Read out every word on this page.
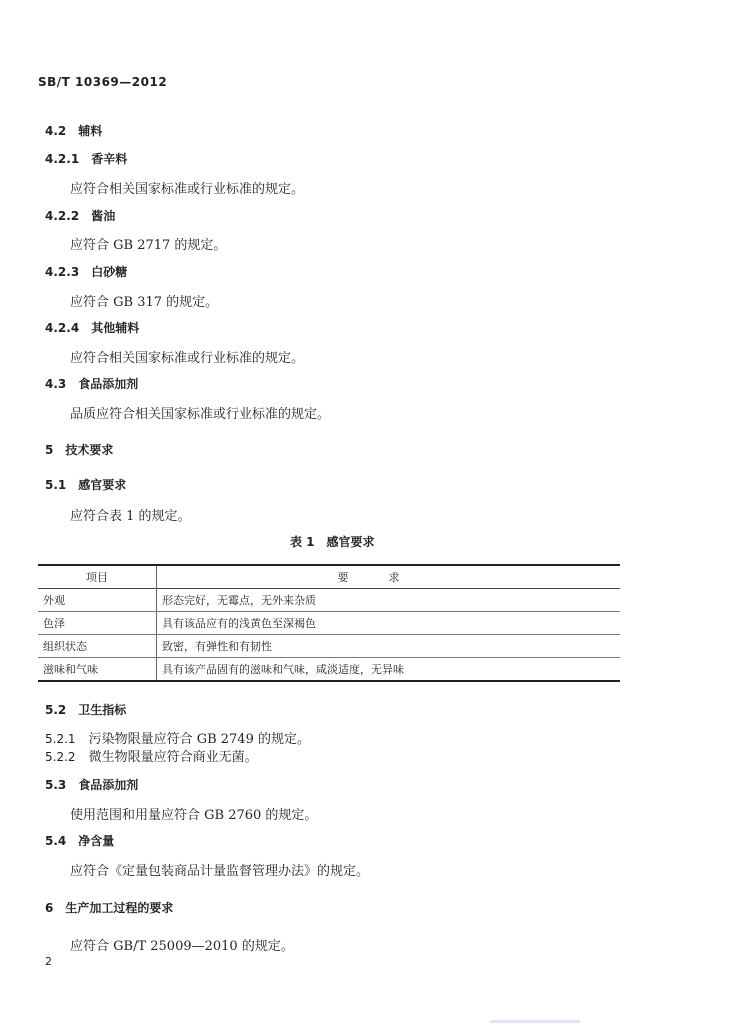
SB/T 10369—2012
4.2　 辅料
4.2.1　 香辛料
应符合相关国家标准或行业标准的规定。
4.2.2　 酱油
应符合 GB 2717 的规定。
4.2.3　 白砂糖
应符合 GB 317 的规定。
4.2.4　 其他辅料
应符合相关国家标准或行业标准的规定。
4.3　 食品添加剂
品质应符合相关国家标准或行业标准的规定。
5　 技术要求
5.1　 感官要求
应符合表 1 的规定。
表 1　感官要求
项目	要求
外观	形态完好，无霉点，无外来杂质
色泽	具有该品应有的浅黄色至深褐色
组织状态	致密，有弹性和有韧性
滋味和气味	具有该产品固有的滋味和气味，咸淡适度，无异味
5.2　 卫生指标
5.2.1　 污染物限量应符合 GB 2749 的规定。
5.2.2　 微生物限量应符合商业无菌。
5.3　 食品添加剂
使用范围和用量应符合 GB 2760 的规定。
5.4　 净含量
应符合《定量包装商品计量监督管理办法》的规定。
6　 生产加工过程的要求
应符合 GB/T 25009—2010 的规定。
2
